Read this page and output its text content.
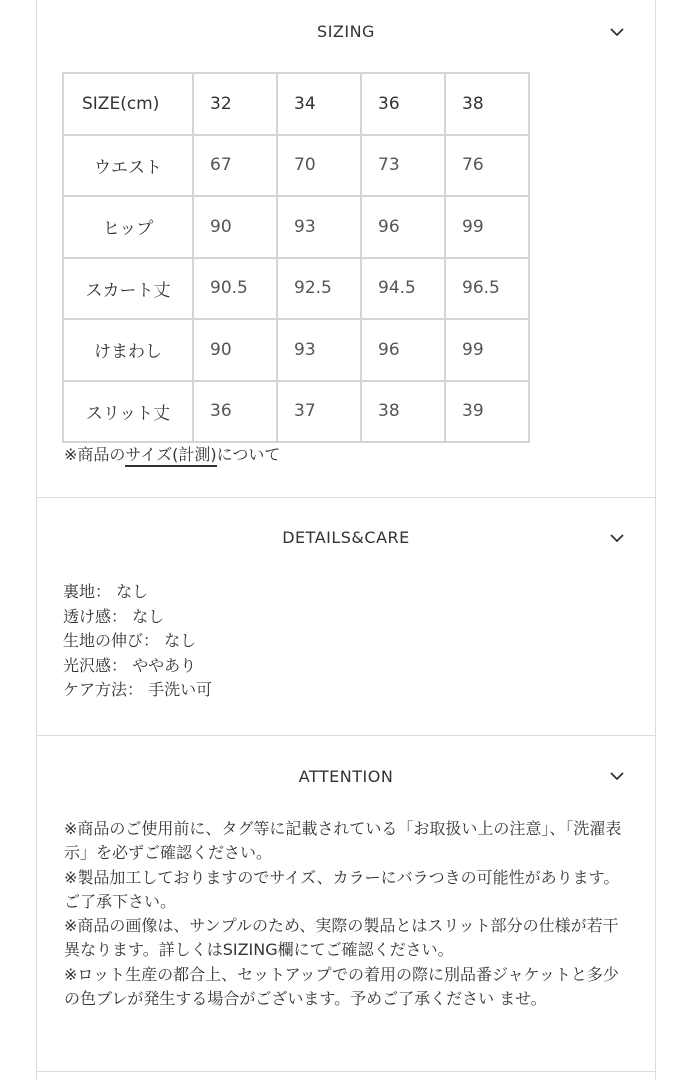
SIZING
SIZE(cm)	32	34	36	38
ウエスト	67	70	73	76
ヒップ	90	93	96	99
スカート丈	90.5	92.5	94.5	96.5
けまわし	90	93	96	99
スリット丈	36	37	38	39
※商品のサイズ(計測)について
DETAILS&CARE
裏地： なし
透け感： なし
生地の伸び： なし
光沢感： ややあり
ケア方法： 手洗い可
ATTENTION

※商品のご使用前に、タグ等に記載されている「お取扱い上の注意」、「洗濯表示」を必ずご確認ください。

※製品加工しておりますのでサイズ、カラーにバラつきの可能性があります。ご了承下さい。

※商品の画像は、サンプルのため、実際の製品とはスリット部分の仕様が若干異なります。詳しくはSIZING欄にてご確認ください。

※ロット生産の都合上、セットアップでの着用の際に別品番ジャケットと多少の色ブレが発生する場合がございます。予めご了承ください ませ。
